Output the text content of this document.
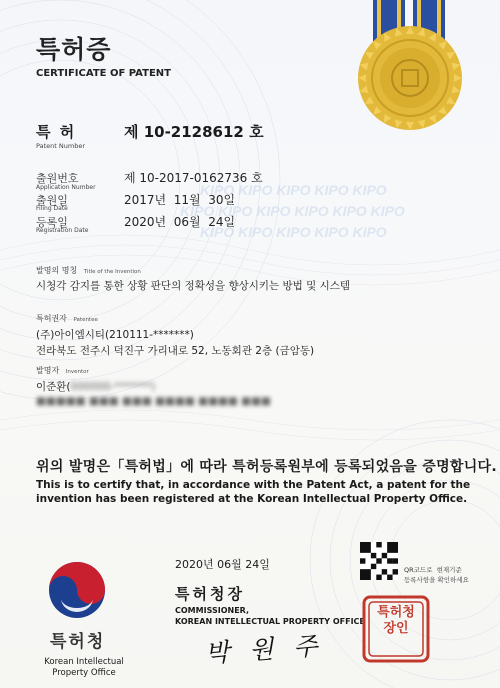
KIPO KIPO KIPO KIPO KIPO
KIPO KIPO KIPO KIPO KIPO KIPO
KIPO KIPO KIPO KIPO KIPO
특허증
CERTIFICATE OF PATENT
특 허
Patent Number
제 10-2128612 호
출원번호
Application Number
제 10-2017-0162736 호
출원일
Filing Date
2017년  11월  30일
등록일
Registration Date
2020년  06월  24일
발명의 명칭 Title of the Invention
시청각 감지를 통한 상황 판단의 정확성을 향상시키는 방법 및 시스템
특허권자 Patentee
(주)아이엠시티(210111-*******)
전라북도 전주시 덕진구 가리내로 52, 노동회관 2층 (금암동)
발명자 Inventor
이준환(000000-*******)
■■■■■ ■■■ ■■■ ■■■■ ■■■■ ■■■
위의 발명은「특허법」에 따라 특허등록원부에 등록되었음을 증명합니다.
This is to certify that, in accordance with the Patent Act, a patent for the invention has been registered at the Korean Intellectual Property Office.
2020년 06월 24일	QR코드로  현재기준
등록사항을 확인하세요
특허청장
COMMISSIONER,
KOREAN INTELLECTUAL PROPERTY OFFICE
특허청장인
박 원 주
특허청
Korean Intellectual Property Office
